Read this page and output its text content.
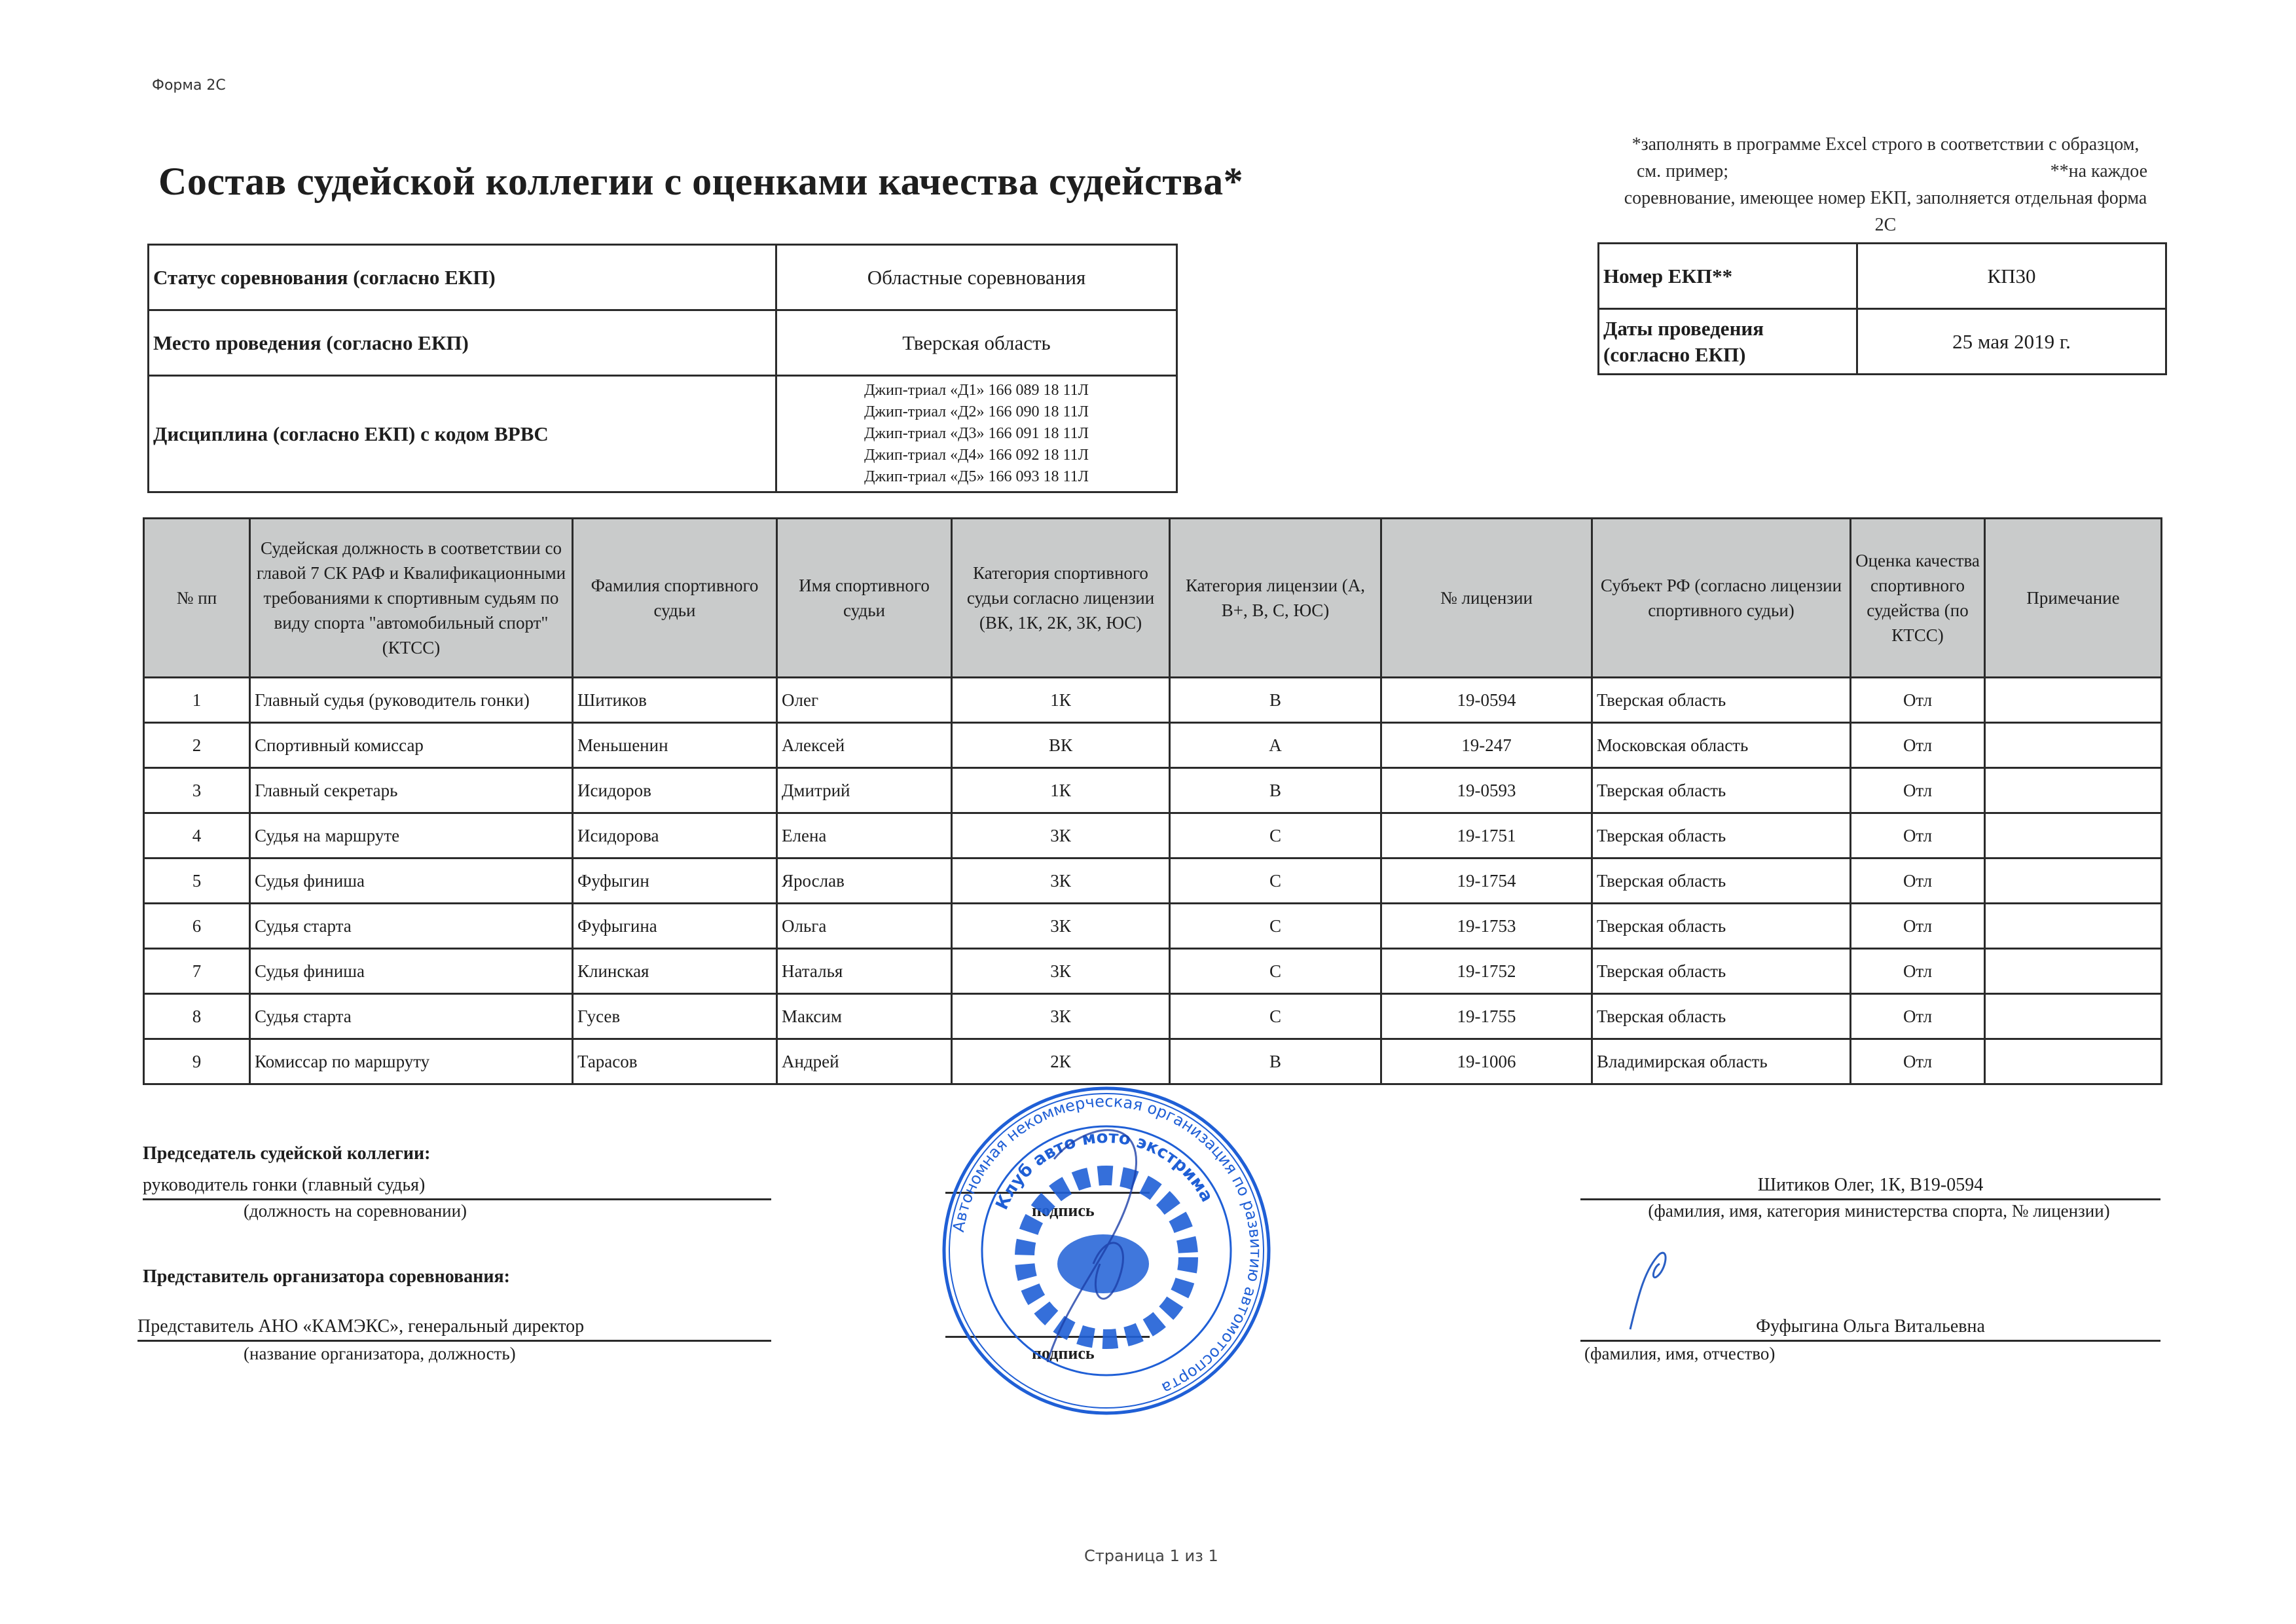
Форма 2С
Состав судейской коллегии с оценками качества судейства*
*заполнять в программе Excel строго в соответствии с образцом,
см. пример;	**на каждое
соревнование, имеющее номер ЕКП, заполняется отдельная форма
2С
Статус соревнования (согласно ЕКП)	Областные соревнования
Место проведения (согласно ЕКП)	Тверская область
Дисциплина (согласно ЕКП) с кодом ВРВС	Джип-триал «Д1» 166 089 18 11Л
Джип-триал «Д2» 166 090 18 11Л
Джип-триал «Д3» 166 091 18 11Л
Джип-триал «Д4» 166 092 18 11Л
Джип-триал «Д5» 166 093 18 11Л
Номер ЕКП**	КП30
Даты проведения (согласно ЕКП)	25 мая 2019 г.
№ пп	Судейская должность в соответствии со главой 7 СК РАФ и Квалификационными требованиями к спортивным судьям по виду спорта "автомобильный спорт" (КТСС)	Фамилия спортивного судьи	Имя спортивного судьи	Категория спортивного судьи согласно лицензии (ВК, 1К, 2К, 3К, ЮС)	Категория лицензии (А, В+, В, С, ЮС)	№ лицензии	Субъект РФ (согласно лицензии спортивного судьи)	Оценка качества спортивного судейства (по КТСС)	Примечание
1	Главный судья (руководитель гонки)	Шитиков	Олег	1К	В	19-0594	Тверская область	Отл	
2	Спортивный комиссар	Меньшенин	Алексей	ВК	А	19-247	Московская область	Отл	
3	Главный секретарь	Исидоров	Дмитрий	1К	В	19-0593	Тверская область	Отл	
4	Судья на маршруте	Исидорова	Елена	3К	С	19-1751	Тверская область	Отл	
5	Судья финиша	Фуфыгин	Ярослав	3К	С	19-1754	Тверская область	Отл	
6	Судья старта	Фуфыгина	Ольга	3К	С	19-1753	Тверская область	Отл	
7	Судья финиша	Клинская	Наталья	3К	С	19-1752	Тверская область	Отл	
8	Судья старта	Гусев	Максим	3К	С	19-1755	Тверская область	Отл	
9	Комиссар по маршруту	Тарасов	Андрей	2К	В	19-1006	Владимирская область	Отл	
Председатель судейской коллегии:
руководитель гонки (главный судья)
(должность на соревновании)	подпись
Шитиков Олег, 1К, В19-0594
(фамилия, имя, категория министерства спорта, № лицензии)
Представитель организатора соревнования:
Представитель АНО «КАМЭКС», генеральный директор
(название организатора, должность)	подпись
Фуфыгина Ольга Витальевна
(фамилия, имя, отчество)
Автономная некоммерческая организация по развитию автомотоспорта
Клуб авто мото экстрима
Страница 1 из 1
